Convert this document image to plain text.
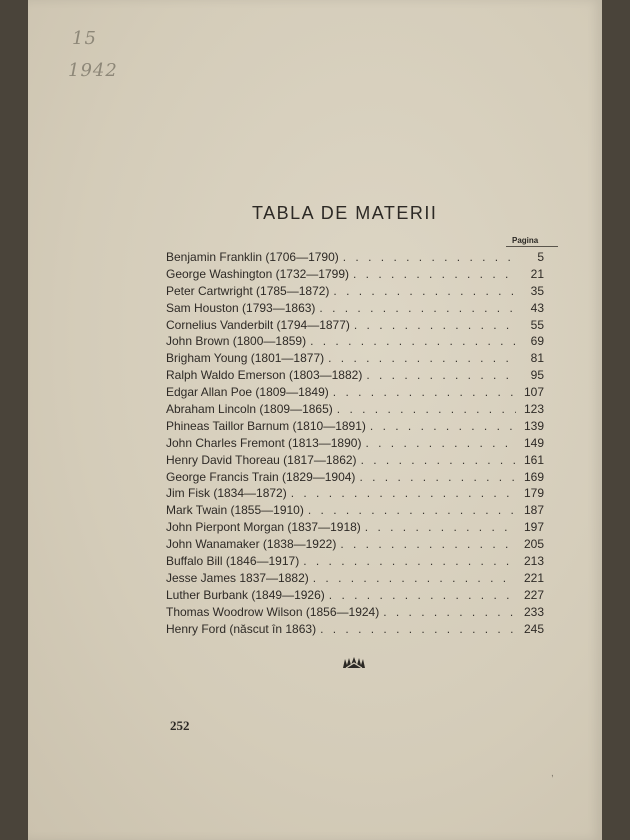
15
1942
TABLA DE MATERII
Pagina
Benjamin Franklin (1706—1790) . . .	5
George Washington (1732—1799) . . .	21
Peter Cartwright (1785—1872) . . .	35
Sam Houston (1793—1863) . . .	43
Cornelius Vanderbilt (1794—1877) . . .	55
John Brown (1800—1859) . . .	69
Brigham Young (1801—1877) . . .	81
Ralph Waldo Emerson (1803—1882) . . .	95
Edgar Allan Poe (1809—1849) . . .	107
Abraham Lincoln (1809—1865) . . .	123
Phineas Taillor Barnum (1810—1891) . . .	139
John Charles Fremont (1813—1890) . . .	149
Henry David Thoreau (1817—1862) . . .	161
George Francis Train (1829—1904) . . .	169
Jim Fisk (1834—1872) . . .	179
Mark Twain (1855—1910) . . .	187
John Pierpont Morgan (1837—1918) . . .	197
John Wanamaker (1838—1922) . . .	205
Buffalo Bill (1846—1917) . . .	213
Jesse James 1837—1882) . . .	221
Luther Burbank (1849—1926) . . .	227
Thomas Woodrow Wilson (1856—1924) . . .	233
Henry Ford (născut în 1863) . . .	245
252
,
